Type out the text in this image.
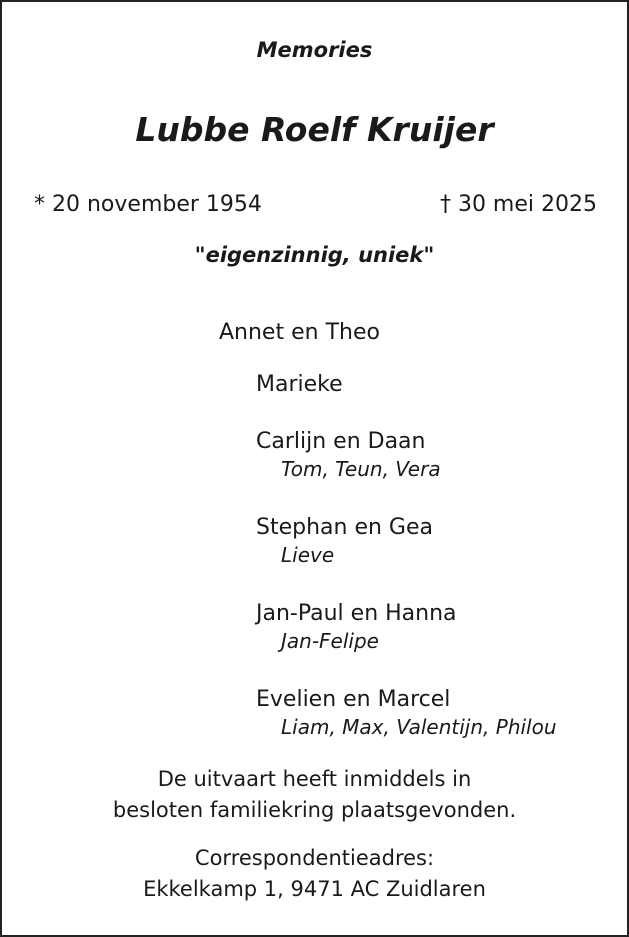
Memories

Lubbe Roelf Kruijer

* 20 november 1954	† 30 mei 2025

"eigenzinnig, uniek"

Annet en Theo

Marieke
Carlijn en Daan
Tom, Teun, Vera
Stephan en Gea
Lieve
Jan-Paul en Hanna
Jan-Felipe
Evelien en Marcel
Liam, Max, Valentijn, Philou
De uitvaart heeft inmiddels in
besloten familiekring plaatsgevonden.
Correspondentieadres:
Ekkelkamp 1, 9471 AC Zuidlaren
